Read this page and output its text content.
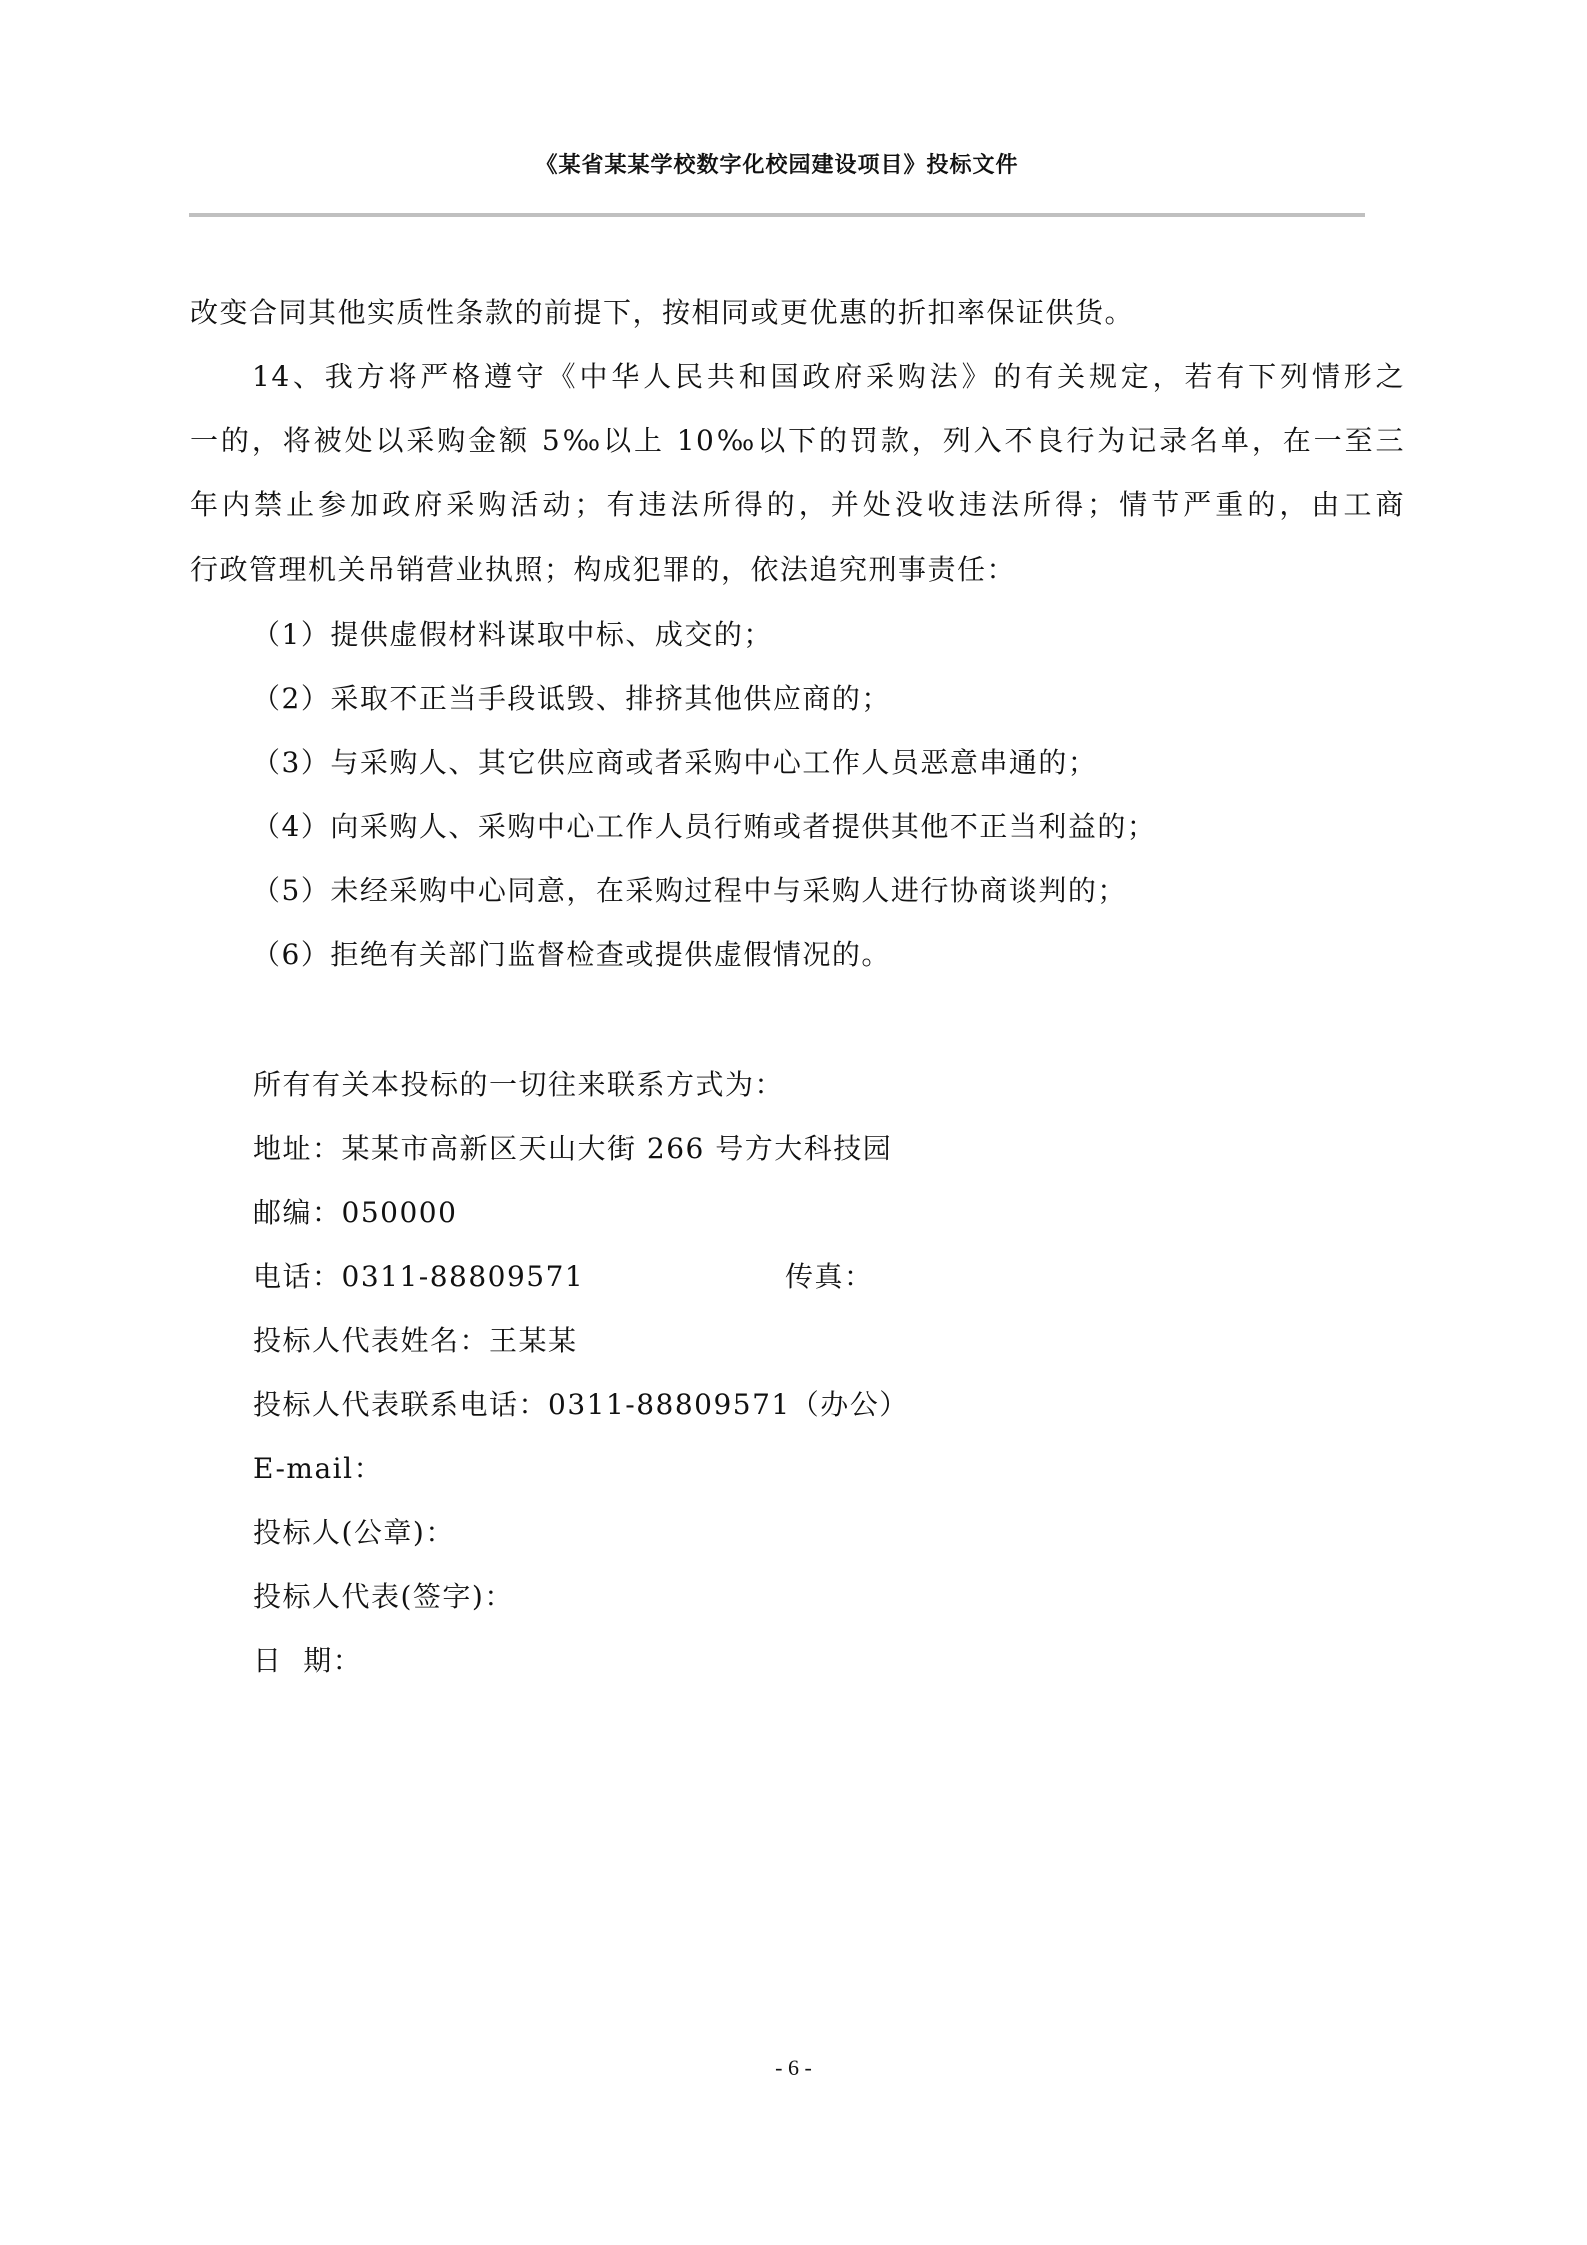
《某省某某学校数字化校园建设项目》投标文件
改变合同其他实质性条款的前提下，按相同或更优惠的折扣率保证供货。
14、我方将严格遵守《中华人民共和国政府采购法》的有关规定，若有下列情形之
一的，将被处以采购金额 5‰以上 10‰以下的罚款，列入不良行为记录名单，在一至三
年内禁止参加政府采购活动；有违法所得的，并处没收违法所得；情节严重的，由工商
行政管理机关吊销营业执照；构成犯罪的，依法追究刑事责任：
（1）提供虚假材料谋取中标、成交的；
（2）采取不正当手段诋毁、排挤其他供应商的；
（3）与采购人、其它供应商或者采购中心工作人员恶意串通的；
（4）向采购人、采购中心工作人员行贿或者提供其他不正当利益的；
（5）未经采购中心同意，在采购过程中与采购人进行协商谈判的；
（6）拒绝有关部门监督检查或提供虚假情况的。
所有有关本投标的一切往来联系方式为：
地址：某某市高新区天山大街 266 号方大科技园
邮编：050000
电话：0311-88809571	传真：
投标人代表姓名：王某某
投标人代表联系电话：0311-88809571（办公）
E-mail：
投标人(公章)：
投标人代表(签字)：
日  期：
- 6 -
